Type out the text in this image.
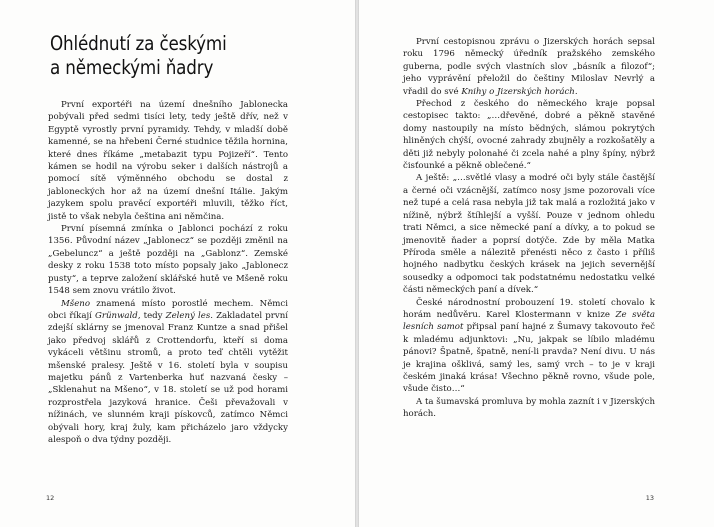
Ohlédnutí za českými
a německými ňadry

První exportéři na území dnešního Jablonecka pobývali před sedmi tisíci lety, tedy ještě dřív, než v Egyptě vyrostly první pyramidy. Tehdy, v mladší době kamenné, se na hřebeni Černé studnice těžila hornina, které dnes říkáme „metabazit typu Pojizeří“. Tento kámen se hodil na výrobu seker i dalších nástrojů a pomocí sítě výměnného obchodu se dostal z jabloneckých hor až na území dnešní Itálie. Jakým jazykem spolu pravěcí exportéři mluvili, těžko říct, jistě to však nebyla čeština ani němčina.

První písemná zmínka o Jablonci pochází z roku 1356. Původní název „Jablonecz“ se později změnil na „Gebeluncz“ a ještě později na „Gablonz“. Zemské desky z roku 1538 toto místo popsaly jako „Jablonecz pusty“, a teprve založení sklářské hutě ve Mšeně roku 1548 sem znovu vrátilo život.

Mšeno znamená místo porostlé mechem. Němci obci říkají Grünwald, tedy Zelený les. Zakladatel první zdejší sklárny se jmenoval Franz Kuntze a snad přišel jako předvoj sklářů z Crottendorfu, kteří si doma vykáceli většinu stromů, a proto teď chtěli vytěžit mšenské pralesy. Ještě v 16. století byla v soupisu majetku pánů z Vartenberka huť nazvaná česky – „Sklenahut na Mšeno“, v 18. století se už pod horami rozprostřela jazyková hranice. Češi převažovali v nížinách, ve slunném kraji pískovců, zatímco Němci obývali hory, kraj žuly, kam přicházelo jaro vždycky alespoň o dva týdny později.

12

První cestopisnou zprávu o Jizerských horách sepsal roku 1796 německý úředník pražského zemského guberna, podle svých vlastních slov „básník a filozof“; jeho vyprávění přeložil do češtiny Miloslav Nevrlý a vřadil do své Knihy o Jizerských horách.

Přechod z českého do německého kraje popsal cestopisec takto: „…dřevěné, dobré a pěkně stavěné domy nastoupily na místo bědných, slámou pokrytých hliněných chýší, ovocné zahrady zbujněly a rozkošatěly a děti již nebyly polonahé či zcela nahé a plny špíny, nýbrž čisťounké a pěkně oblečené.“

A ještě: „…světlé vlasy a modré oči byly stále častější a černé oči vzácnější, zatímco nosy jsme pozorovali více než tupé a celá rasa nebyla již tak malá a rozložitá jako v nížině, nýbrž štíhlejší a vyšší. Pouze v jednom ohledu trati Němci, a sice německé paní a dívky, a to pokud se jmenovitě ňader a poprsí dotýče. Zde by měla Matka Příroda směle a nálezitě přenésti něco z často i příliš hojného nadbytku českých krásek na jejich severnější sousedky a odpomoci tak podstatnému nedostatku velké části německých paní a dívek.“

České národnostní probouzení 19. století chovalo k horám nedůvěru. Karel Klostermann v knize Ze světa lesních samot připsal paní hajné z Šumavy takovouto řeč k mladému adjunktovi: „Nu, jakpak se líbilo mladému pánovi? Špatně, špatně, není-li pravda? Není divu. U nás je krajina ošklivá, samý les, samý vrch – to je v kraji českém jinaká krása! Všechno pěkně rovno, všude pole, všude čisto…“

A ta šumavská promluva by mohla zaznít i v Jizerských horách.

13
